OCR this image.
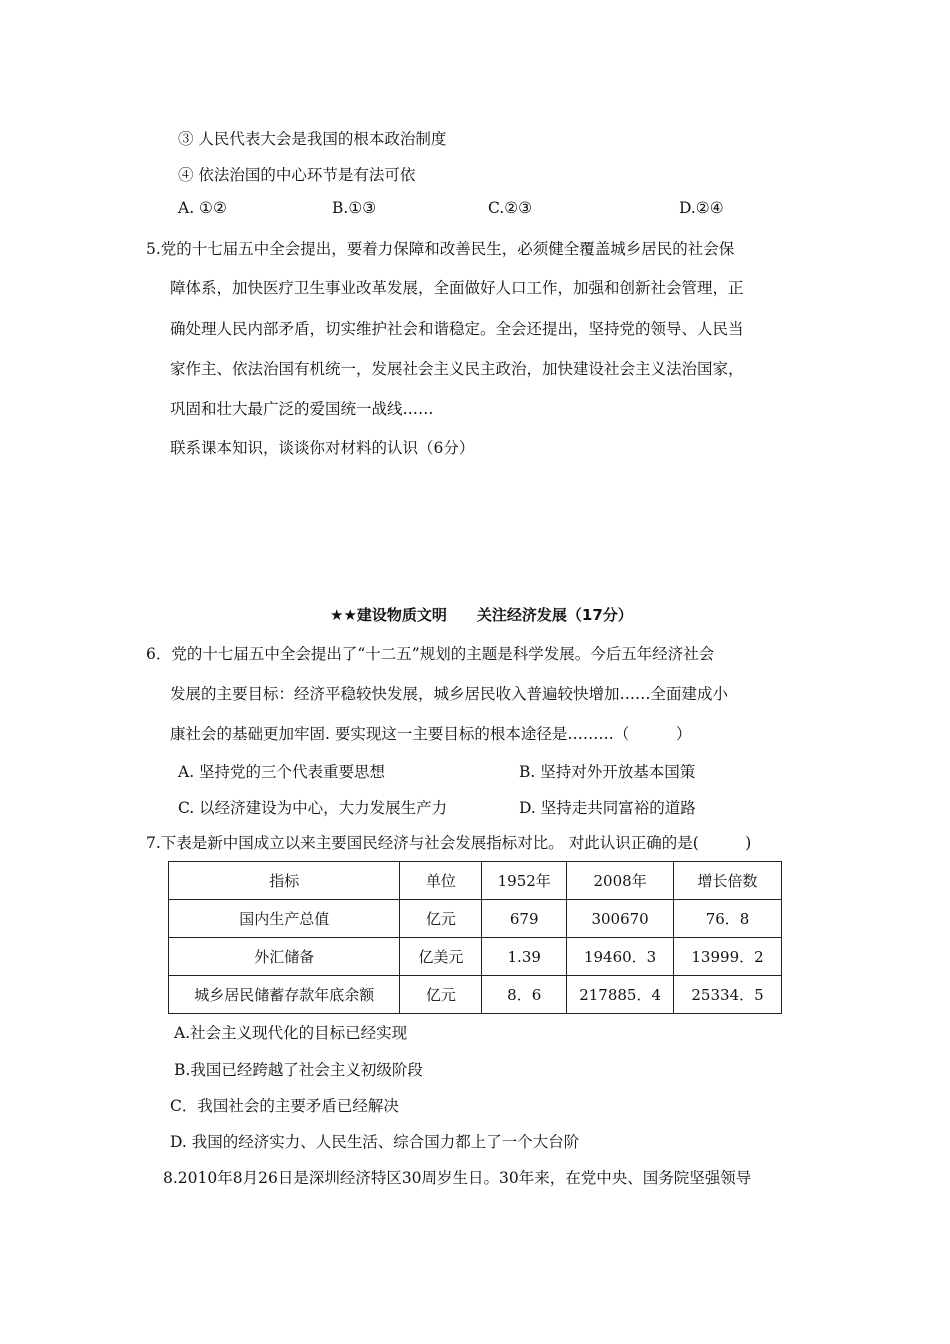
③ 人民代表大会是我国的根本政治制度
④ 依法治国的中心环节是有法可依
A. ①②	B.①③	C.②③	D.②④
5.党的十七届五中全会提出，要着力保障和改善民生，必须健全覆盖城乡居民的社会保
障体系，加快医疗卫生事业改革发展，全面做好人口工作，加强和创新社会管理，正
确处理人民内部矛盾，切实维护社会和谐稳定。全会还提出，坚持党的领导、人民当
家作主、依法治国有机统一，发展社会主义民主政治，加快建设社会主义法治国家，
巩固和壮大最广泛的爱国统一战线……
联系课本知识，谈谈你对材料的认识（6分）
★★建设物质文明　　关注经济发展（17分）
6．党的十七届五中全会提出了“十二五”规划的主题是科学发展。今后五年经济社会
发展的主要目标：经济平稳较快发展，城乡居民收入普遍较快增加……全面建成小
康社会的基础更加牢固. 要实现这一主要目标的根本途径是………（　　　）
A. 坚持党的三个代表重要思想	B. 坚持对外开放基本国策
C. 以经济建设为中心，大力发展生产力	D. 坚持走共同富裕的道路
7.下表是新中国成立以来主要国民经济与社会发展指标对比。 对此认识正确的是(　　　)
指标	单位	1952年	2008年	增长倍数
国内生产总值	亿元	679	300670	76．8
外汇储备	亿美元	1.39	19460．3	13999．2
城乡居民储蓄存款年底余额	亿元	8．6	217885．4	25334．5
A.社会主义现代化的目标已经实现
B.我国已经跨越了社会主义初级阶段
C．我国社会的主要矛盾已经解决
D. 我国的经济实力、人民生活、综合国力都上了一个大台阶
8.2010年8月26日是深圳经济特区30周岁生日。30年来，在党中央、国务院坚强领导
